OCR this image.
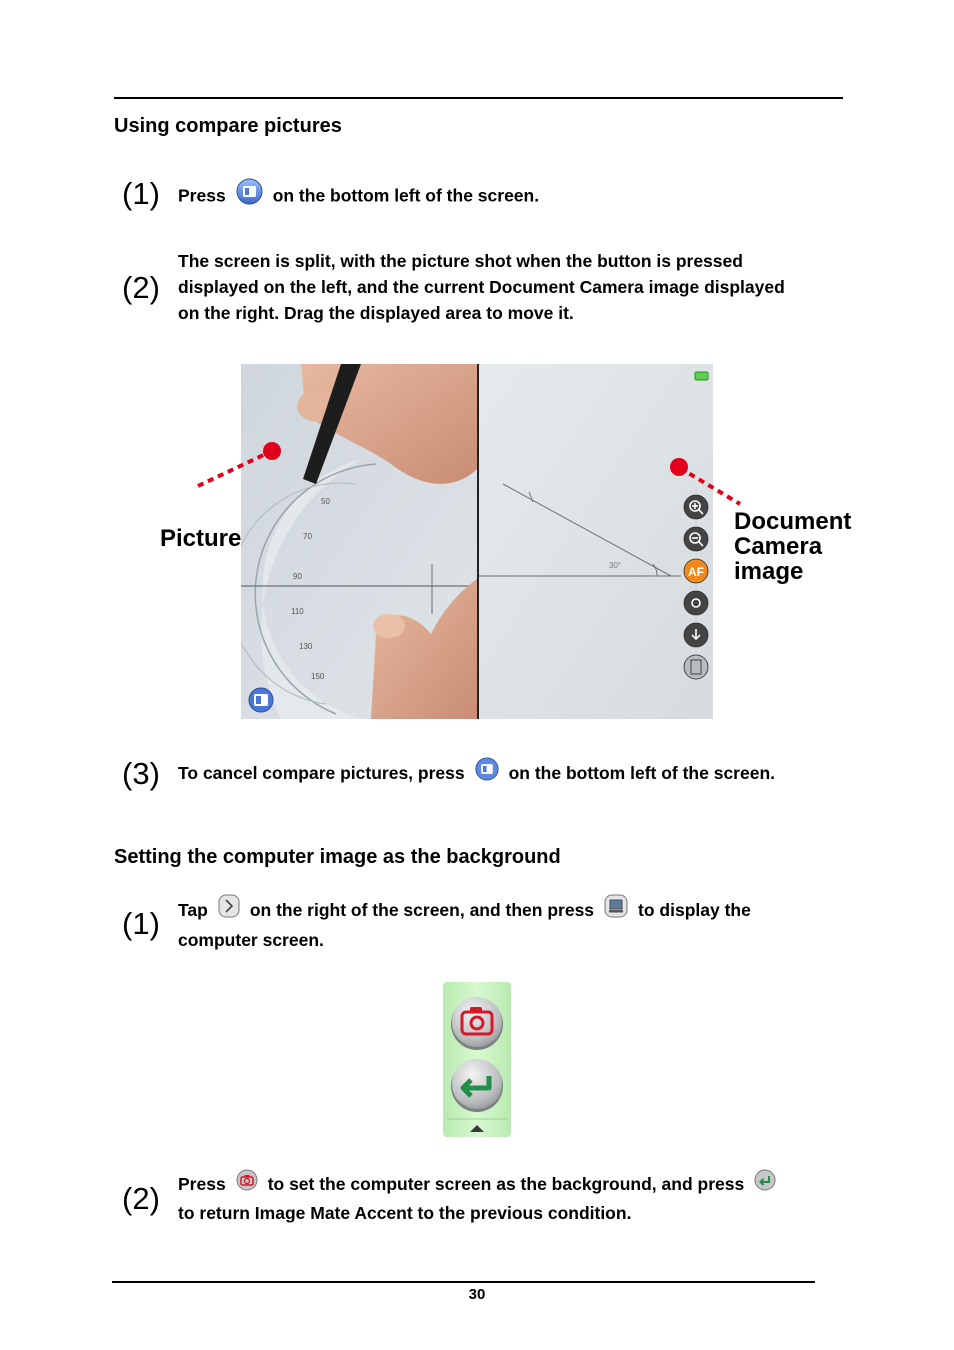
Using compare pictures
(1) Press	on the bottom left of the screen.
(2)
The screen is split, with the picture shot when the button is pressed
displayed on the left, and the current Document Camera image displayed
on the right. Drag the displayed area to move it.
50
70
90
110
130
150
30°	AF
Picture
Document
Camera
image
(3) To cancel compare pictures, press	on the bottom left of the screen.
Setting the computer image as the background
(1) Tap on the right of the screen, and then press	to display the
computer screen.
(2) Press to set the computer screen as the background, and press
to return Image Mate Accent to the previous condition.
30
